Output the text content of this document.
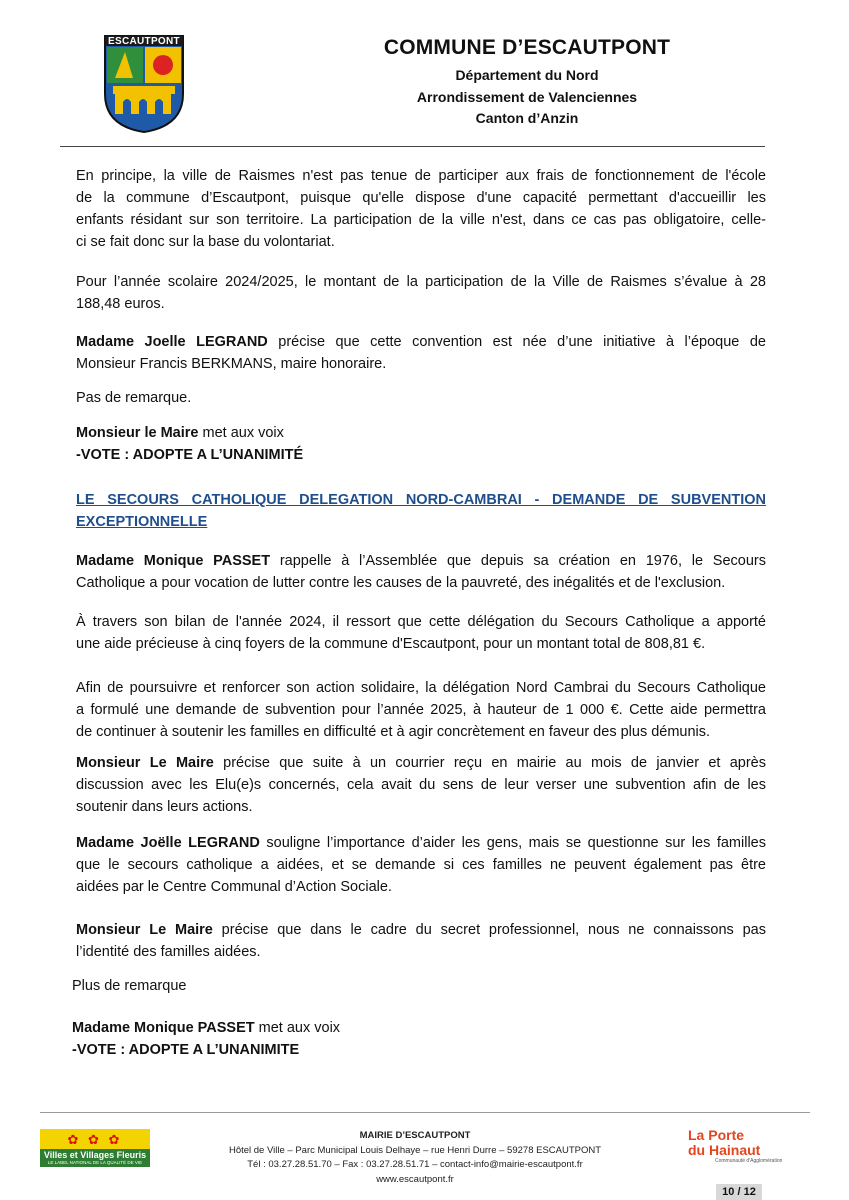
ESCAUTPONT	COMMUNE D’ESCAUTPONT
Département du Nord
Arrondissement de Valenciennes
Canton d’Anzin
En principe, la ville de Raismes n'est pas tenue de participer aux frais de fonctionnement de l'école
de la commune d’Escautpont, puisque qu'elle dispose d'une capacité permettant d'accueillir les
enfants résidant sur son territoire. La participation de la ville n'est, dans ce cas pas obligatoire, celle-
ci se fait donc sur la base du volontariat.
Pour l’année scolaire 2024/2025, le montant de la participation de la Ville de Raismes s’évalue à 28
188,48 euros.
Madame Joelle LEGRAND précise que cette convention est née d’une initiative à l’époque de
Monsieur Francis BERKMANS, maire honoraire.
Pas de remarque.
Monsieur le Maire met aux voix
-VOTE : ADOPTE A L’UNANIMITÉ
LE SECOURS CATHOLIQUE DELEGATION NORD-CAMBRAI - DEMANDE DE SUBVENTION
EXCEPTIONNELLE
Madame Monique PASSET rappelle à l’Assemblée que depuis sa création en 1976, le Secours
Catholique a pour vocation de lutter contre les causes de la pauvreté, des inégalités et de l'exclusion.
À travers son bilan de l'année 2024, il ressort que cette délégation du Secours Catholique a apporté
une aide précieuse à cinq foyers de la commune d'Escautpont, pour un montant total de 808,81 €.
Afin de poursuivre et renforcer son action solidaire, la délégation Nord Cambrai du Secours Catholique
a formulé une demande de subvention pour l’année 2025, à hauteur de 1 000 €. Cette aide permettra
de continuer à soutenir les familles en difficulté et à agir concrètement en faveur des plus démunis.
Monsieur Le Maire précise que suite à un courrier reçu en mairie au mois de janvier et après
discussion avec les Elu(e)s concernés, cela avait du sens de leur verser une subvention afin de les
soutenir dans leurs actions.
Madame Joëlle LEGRAND souligne l’importance d’aider les gens, mais se questionne sur les familles
que le secours catholique a aidées, et se demande si ces familles ne peuvent également pas être
aidées par le Centre Communal d’Action Sociale.
Monsieur Le Maire précise que dans le cadre du secret professionnel, nous ne connaissons pas
l’identité des familles aidées.
Plus de remarque
Madame Monique PASSET met aux voix
-VOTE : ADOPTE A L’UNANIMITE
✿ ✿ ✿
Villes et Villages Fleuris
LE LABEL NATIONAL DE LA QUALITÉ DE VIE
MAIRIE D’ESCAUTPONT
Hôtel de Ville – Parc Municipal Louis Delhaye – rue Henri Durre – 59278 ESCAUTPONT
Tél : 03.27.28.51.70 – Fax : 03.27.28.51.71 – contact-info@mairie-escautpont.fr
www.escautpont.fr
La Porte
du Hainaut
Communauté d'Agglomération
10 / 12
